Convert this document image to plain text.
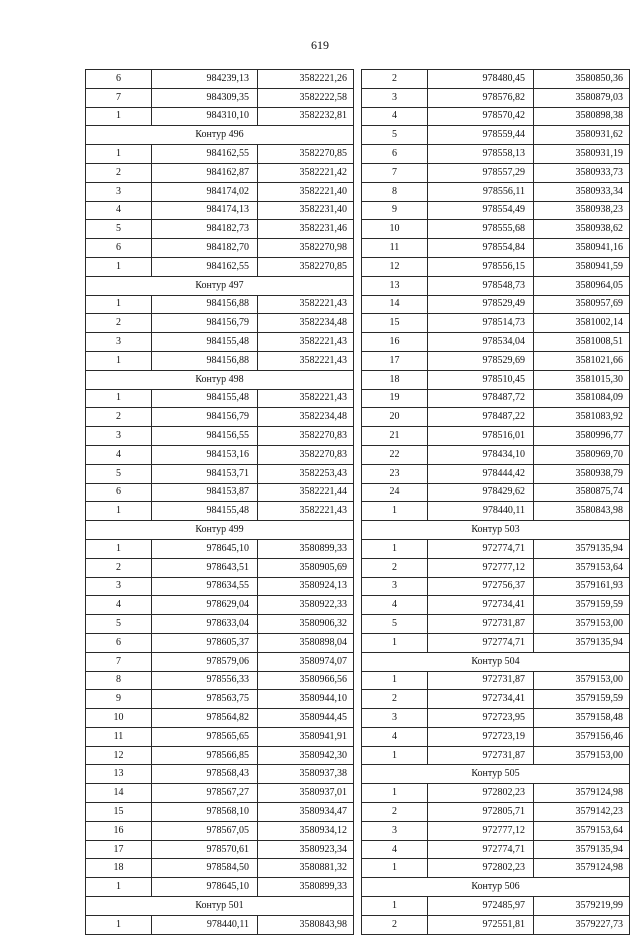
619
6	984239,13	3582221,26
7	984309,35	3582222,58
1	984310,10	3582232,81
Контур 496		
1	984162,55	3582270,85
2	984162,87	3582221,42
3	984174,02	3582221,40
4	984174,13	3582231,40
5	984182,73	3582231,46
6	984182,70	3582270,98
1	984162,55	3582270,85
Контур 497		
1	984156,88	3582221,43
2	984156,79	3582234,48
3	984155,48	3582221,43
1	984156,88	3582221,43
Контур 498		
1	984155,48	3582221,43
2	984156,79	3582234,48
3	984156,55	3582270,83
4	984153,16	3582270,83
5	984153,71	3582253,43
6	984153,87	3582221,44
1	984155,48	3582221,43
Контур 499		
1	978645,10	3580899,33
2	978643,51	3580905,69
3	978634,55	3580924,13
4	978629,04	3580922,33
5	978633,04	3580906,32
6	978605,37	3580898,04
7	978579,06	3580974,07
8	978556,33	3580966,56
9	978563,75	3580944,10
10	978564,82	3580944,45
11	978565,65	3580941,91
12	978566,85	3580942,30
13	978568,43	3580937,38
14	978567,27	3580937,01
15	978568,10	3580934,47
16	978567,05	3580934,12
17	978570,61	3580923,34
18	978584,50	3580881,32
1	978645,10	3580899,33
Контур 501		
1	978440,11	3580843,98
2	978480,45	3580850,36
3	978576,82	3580879,03
4	978570,42	3580898,38
5	978559,44	3580931,62
6	978558,13	3580931,19
7	978557,29	3580933,73
8	978556,11	3580933,34
9	978554,49	3580938,23
10	978555,68	3580938,62
11	978554,84	3580941,16
12	978556,15	3580941,59
13	978548,73	3580964,05
14	978529,49	3580957,69
15	978514,73	3581002,14
16	978534,04	3581008,51
17	978529,69	3581021,66
18	978510,45	3581015,30
19	978487,72	3581084,09
20	978487,22	3581083,92
21	978516,01	3580996,77
22	978434,10	3580969,70
23	978444,42	3580938,79
24	978429,62	3580875,74
1	978440,11	3580843,98
Контур 503		
1	972774,71	3579135,94
2	972777,12	3579153,64
3	972756,37	3579161,93
4	972734,41	3579159,59
5	972731,87	3579153,00
1	972774,71	3579135,94
Контур 504		
1	972731,87	3579153,00
2	972734,41	3579159,59
3	972723,95	3579158,48
4	972723,19	3579156,46
1	972731,87	3579153,00
Контур 505		
1	972802,23	3579124,98
2	972805,71	3579142,23
3	972777,12	3579153,64
4	972774,71	3579135,94
1	972802,23	3579124,98
Контур 506		
1	972485,97	3579219,99
2	972551,81	3579227,73
